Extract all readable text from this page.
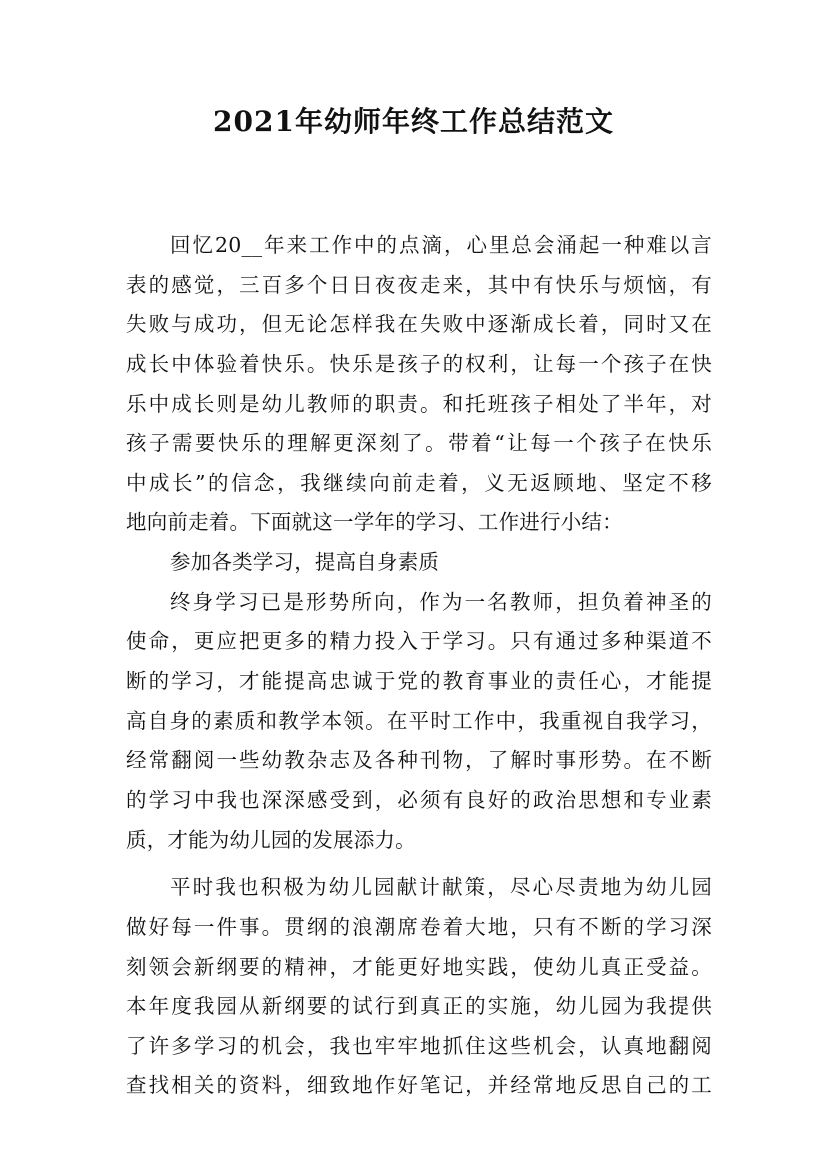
2021年幼师年终工作总结范文
回忆20__年来工作中的点滴，心里总会涌起一种难以言
表的感觉，三百多个日日夜夜走来，其中有快乐与烦恼，有
失败与成功，但无论怎样我在失败中逐渐成长着，同时又在
成长中体验着快乐。快乐是孩子的权利，让每一个孩子在快
乐中成长则是幼儿教师的职责。和托班孩子相处了半年，对
孩子需要快乐的理解更深刻了。带着“让每一个孩子在快乐
中成长”的信念，我继续向前走着，义无返顾地、坚定不移
地向前走着。下面就这一学年的学习、工作进行小结：
参加各类学习，提高自身素质
终身学习已是形势所向，作为一名教师，担负着神圣的
使命，更应把更多的精力投入于学习。只有通过多种渠道不
断的学习，才能提高忠诚于党的教育事业的责任心，才能提
高自身的素质和教学本领。在平时工作中，我重视自我学习，
经常翻阅一些幼教杂志及各种刊物，了解时事形势。在不断
的学习中我也深深感受到，必须有良好的政治思想和专业素
质，才能为幼儿园的发展添力。
平时我也积极为幼儿园献计献策，尽心尽责地为幼儿园
做好每一件事。贯纲的浪潮席卷着大地，只有不断的学习深
刻领会新纲要的精神，才能更好地实践，使幼儿真正受益。
本年度我园从新纲要的试行到真正的实施，幼儿园为我提供
了许多学习的机会，我也牢牢地抓住这些机会，认真地翻阅
查找相关的资料，细致地作好笔记，并经常地反思自己的工
